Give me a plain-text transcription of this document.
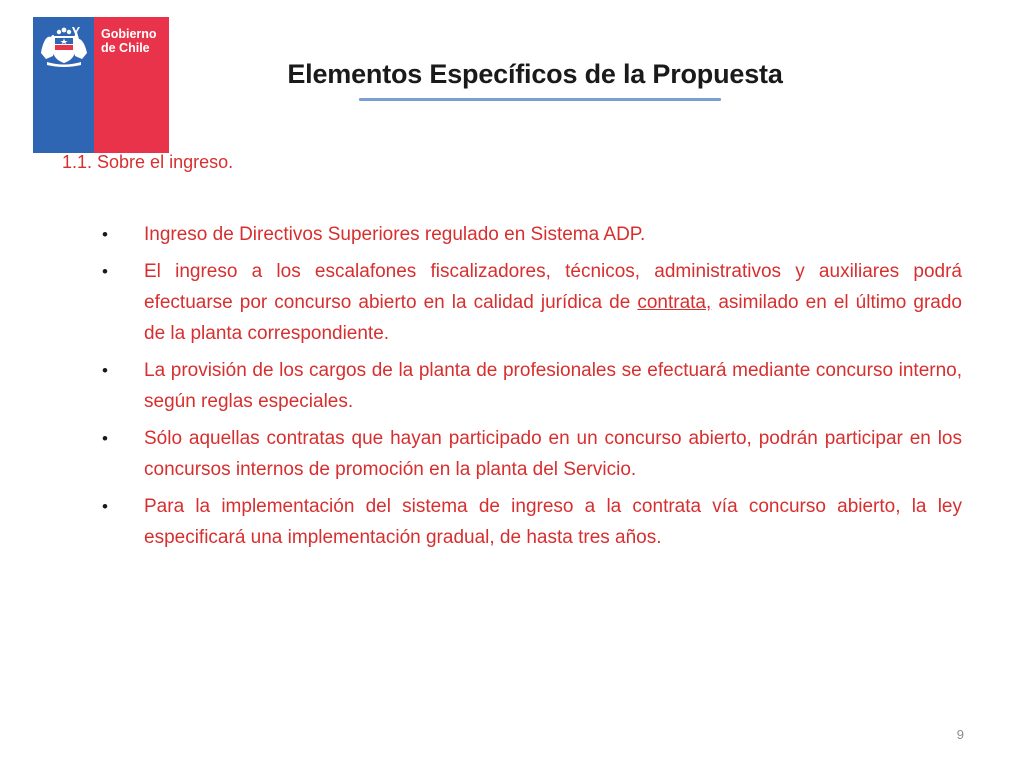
Gobierno
de Chile
Elementos Específicos de la Propuesta
1.1. Sobre el ingreso.
• Ingreso de Directivos Superiores regulado en Sistema ADP.
• El ingreso a los escalafones fiscalizadores, técnicos, administrativos y auxiliares podrá efectuarse por concurso abierto en la calidad jurídica de contrata, asimilado en el último grado de la planta correspondiente.
• La provisión de los cargos de la planta de profesionales se efectuará mediante concurso interno, según reglas especiales.
• Sólo aquellas contratas que hayan participado en un concurso abierto, podrán participar en los concursos internos de promoción en la planta del Servicio.
• Para la implementación del sistema de ingreso a la contrata vía concurso abierto, la ley especificará una implementación gradual, de hasta tres años.
9
